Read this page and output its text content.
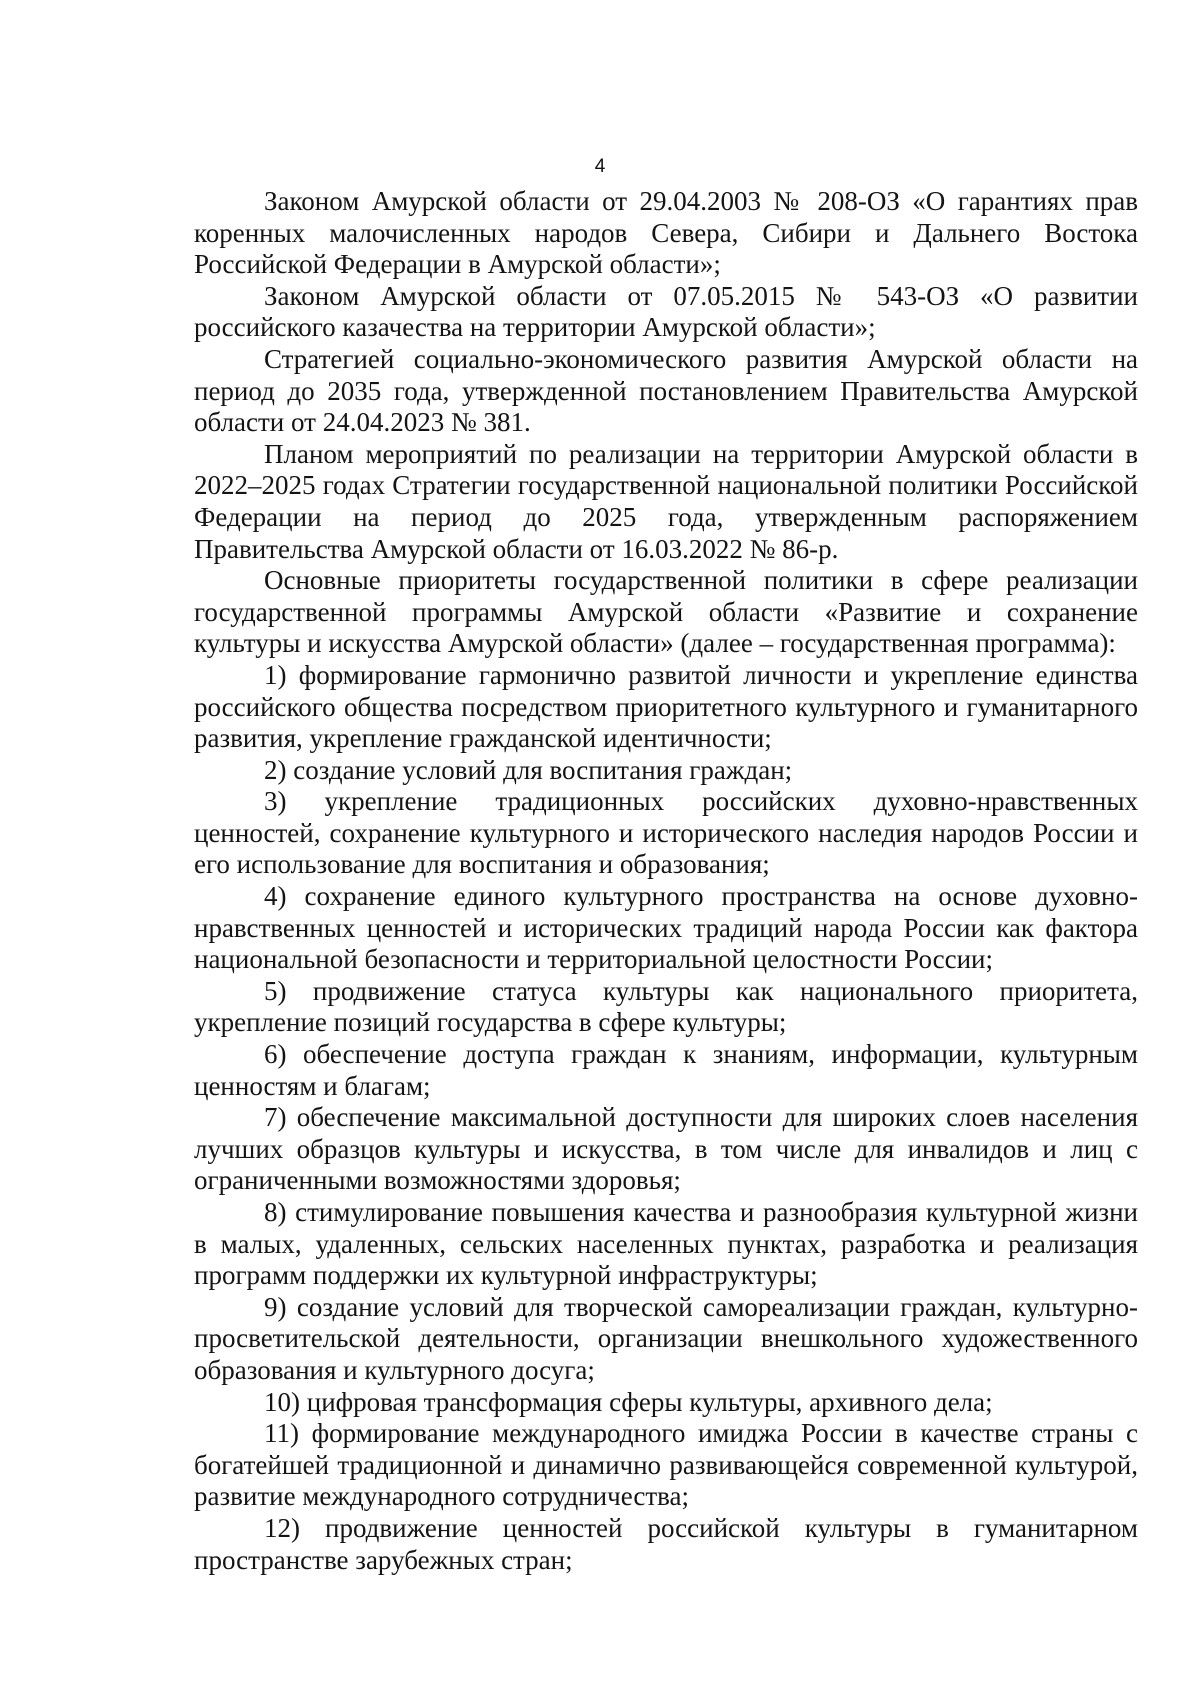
4

Законом Амурской области от 29.04.2003 № 208-ОЗ «О гарантиях прав коренных малочисленных народов Севера, Сибири и Дальнего Востока Российской Федерации в Амурской области»;

Законом Амурской области от 07.05.2015 № 543-ОЗ «О развитии российского казачества на территории Амурской области»;

Стратегией социально-экономического развития Амурской области на период до 2035 года, утвержденной постановлением Правительства Амурской области от 24.04.2023 № 381.

Планом мероприятий по реализации на территории Амурской области в 2022–2025 годах Стратегии государственной национальной политики Российской Федерации на период до 2025 года, утвержденным распоряжением Правительства Амурской области от 16.03.2022 № 86-р.

Основные приоритеты государственной политики в сфере реализации государственной программы Амурской области «Развитие и сохранение культуры и искусства Амурской области» (далее – государственная программа):

1) формирование гармонично развитой личности и укрепление единства российского общества посредством приоритетного культурного и гуманитарного развития, укрепление гражданской идентичности;

2) создание условий для воспитания граждан;

3) укрепление традиционных российских духовно-нравственных ценностей, сохранение культурного и исторического наследия народов России и его использование для воспитания и образования;

4) сохранение единого культурного пространства на основе духовно-нравственных ценностей и исторических традиций народа России как фактора национальной безопасности и территориальной целостности России;

5) продвижение статуса культуры как национального приоритета, укрепление позиций государства в сфере культуры;

6) обеспечение доступа граждан к знаниям, информации, культурным ценностям и благам;

7) обеспечение максимальной доступности для широких слоев населения лучших образцов культуры и искусства, в том числе для инвалидов и лиц с ограниченными возможностями здоровья;

8) стимулирование повышения качества и разнообразия культурной жизни в малых, удаленных, сельских населенных пунктах, разработка и реализация программ поддержки их культурной инфраструктуры;

9) создание условий для творческой самореализации граждан, культурно-просветительской деятельности, организации внешкольного художественного образования и культурного досуга;

10) цифровая трансформация сферы культуры, архивного дела;

11) формирование международного имиджа России в качестве страны с богатейшей традиционной и динамично развивающейся современной культурой, развитие международного сотрудничества;

12) продвижение ценностей российской культуры в гуманитарном пространстве зарубежных стран;
